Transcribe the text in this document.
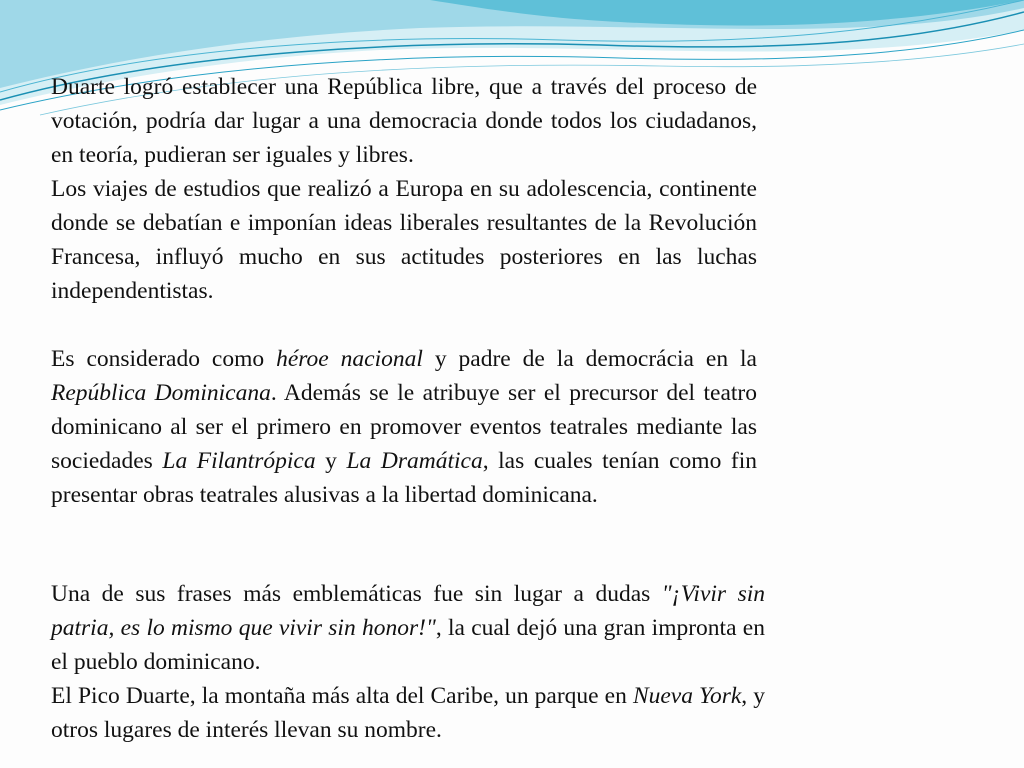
Duarte logró establecer una República libre, que a través del proceso de votación, podría dar lugar a una democracia donde todos los ciudadanos, en teoría, pudieran ser iguales y libres.
Los viajes de estudios que realizó a Europa en su adolescencia, continente donde se debatían e imponían ideas liberales resultantes de la Revolución Francesa, influyó mucho en sus actitudes posteriores en las luchas independentistas.
Es considerado como héroe nacional y padre de la democrácia en la República Dominicana. Además se le atribuye ser el precursor del teatro dominicano al ser el primero en promover eventos teatrales mediante las sociedades La Filantrópica y La Dramática, las cuales tenían como fin presentar obras teatrales alusivas a la libertad dominicana.
Una de sus frases más emblemáticas fue sin lugar a dudas "¡Vivir sin patria, es lo mismo que vivir sin honor!", la cual dejó una gran impronta en el pueblo dominicano.
El Pico Duarte, la montaña más alta del Caribe, un parque en Nueva York, y otros lugares de interés llevan su nombre.
